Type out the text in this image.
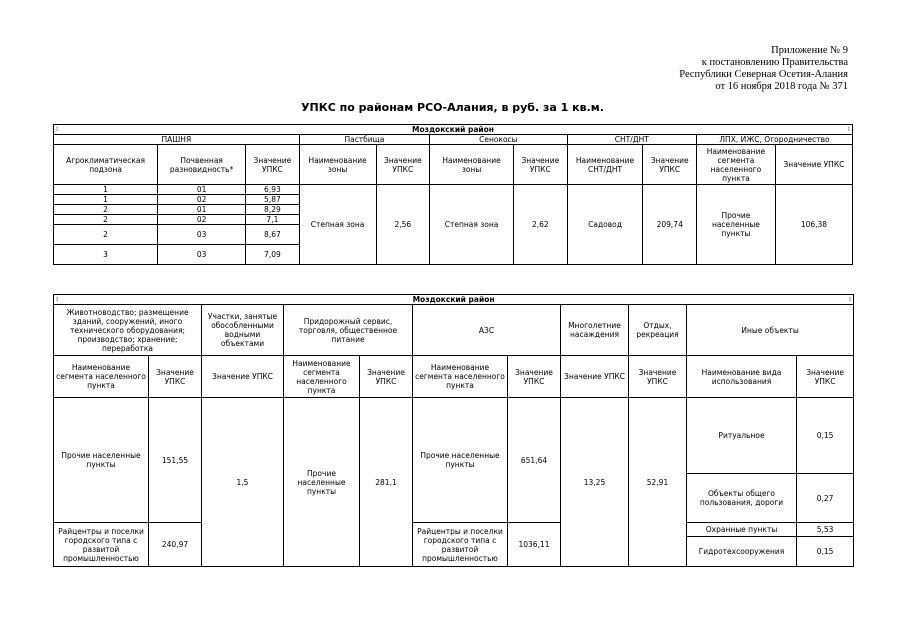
Приложение № 9
к постановлению Правительства
Республики Северная Осетия-Алания
от 16 ноября 2018 года № 371
УПКС по районам РСО-Алания, в руб. за 1 кв.м.
⁝ Моздокский район ⁝										

ПАШНЯ			Пастбища		Сенокосы		СНТ/ДНТ		ЛПХ, ИЖС, Огородничество	
Агроклиматическая подзона	Почвенная разновидность*	Значение УПКС	Наименование зоны	Значение УПКС	Наименование зоны	Значение УПКС	Наименование СНТ/ДНТ	Значение УПКС	Наименование сегмента населенного пункта	Значение УПКС
1	01	6,93	Степная зона	2,56	Степная зона	2,62	Садовод	209,74	Прочие населенные пункты	106,38
1	02	5,87								
2	01	8,29								
2	02	7,1								
2	03	8,67								
3	03	7,09								
⁝ Моздокский район ⁝										

Животноводство; размещение зданий, сооружений, иного технического оборудования; производство; хранение; переработка		Участки, занятые обособленными водными объектами	Придорожный сервис, торговля, общественное питание		АЗС		Многолетние насаждения	Отдых, рекреация	Иные объекты	
Наименование сегмента населенного пункта	Значение УПКС	Значение УПКС	Наименование сегмента населенного пункта	Значение УПКС	Наименование сегмента населенного пункта	Значение УПКС	Значение УПКС	Значение УПКС	Наименование вида использования	Значение УПКС
Прочие населенные пункты	151,55	1,5	Прочие населенные пункты	281,1	Прочие населенные пункты	651,64	13,25	52,91	Ритуальное	0,15
									Объекты общего пользования, дороги	0,27
Райцентры и поселки городского типа с развитой промышленностью	240,97				Райцентры и поселки городского типа с развитой промышленностью	1036,11			Охранные пункты	5,53
									Гидротехсооружения	0,15
